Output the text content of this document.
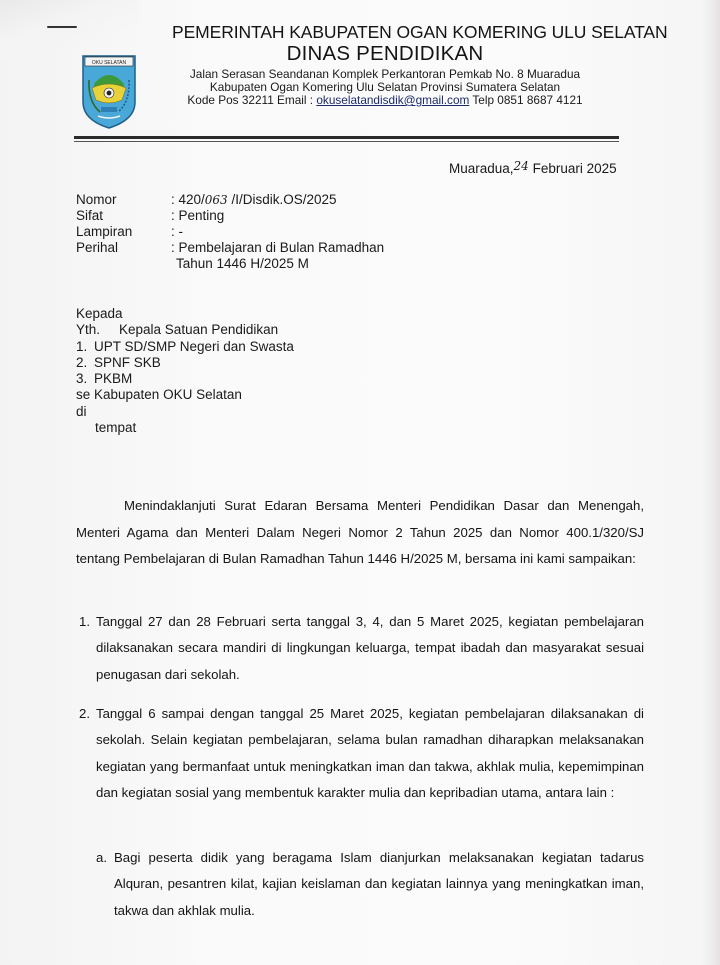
OKU SELATAN
PEMERINTAH KABUPATEN OGAN KOMERING ULU SELATAN
DINAS PENDIDIKAN
Jalan Serasan Seandanan Komplek Perkantoran Pemkab No. 8 Muaradua
Kabupaten Ogan Komering Ulu Selatan Provinsi Sumatera Selatan
Kode Pos 32211 Email : okuselatandisdik@gmail.com Telp 0851 8687 4121
Muaradua,24 Februari 2025
Nomor	: 420/063 /I/Disdik.OS/2025
Sifat	: Penting
Lampiran	: -
Perihal	: Pembelajaran di Bulan Ramadhan
Tahun 1446 H/2025 M
Kepada
Yth. Kepala Satuan Pendidikan
1. UPT SD/SMP Negeri dan Swasta
2. SPNF SKB
3. PKBM
se Kabupaten OKU Selatan
di
tempat
Menindaklanjuti Surat Edaran Bersama Menteri Pendidikan Dasar dan Menengah, Menteri Agama dan Menteri Dalam Negeri Nomor 2 Tahun 2025 dan Nomor 400.1/320/SJ tentang Pembelajaran di Bulan Ramadhan Tahun 1446 H/2025 M, bersama ini kami sampaikan:
1. Tanggal 27 dan 28 Februari serta tanggal 3, 4, dan 5 Maret 2025, kegiatan pembelajaran dilaksanakan secara mandiri di lingkungan keluarga, tempat ibadah dan masyarakat sesuai penugasan dari sekolah.
2. Tanggal 6 sampai dengan tanggal 25 Maret 2025, kegiatan pembelajaran dilaksanakan di sekolah. Selain kegiatan pembelajaran, selama bulan ramadhan diharapkan melaksanakan kegiatan yang bermanfaat untuk meningkatkan iman dan takwa, akhlak mulia, kepemimpinan dan kegiatan sosial yang membentuk karakter mulia dan kepribadian utama, antara lain :
a. Bagi peserta didik yang beragama Islam dianjurkan melaksanakan kegiatan tadarus Alquran, pesantren kilat, kajian keislaman dan kegiatan lainnya yang meningkatkan iman, takwa dan akhlak mulia.
